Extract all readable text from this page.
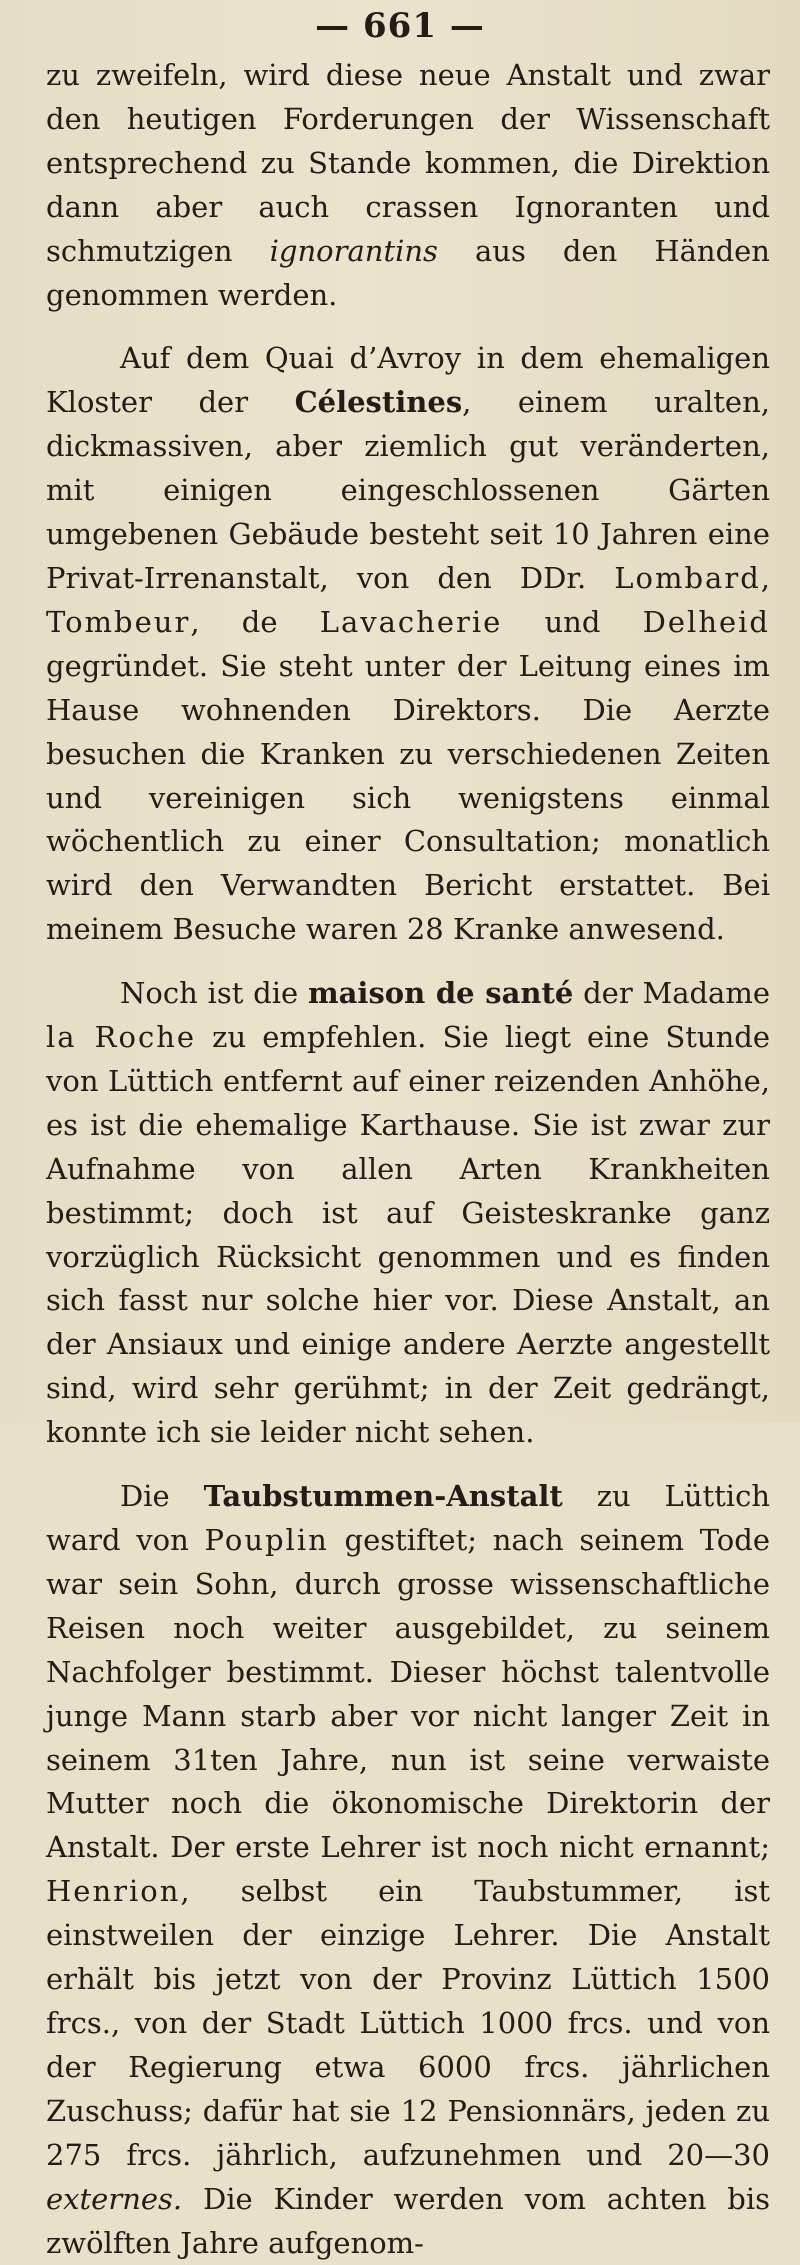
— 661 —

zu zweifeln, wird diese neue Anstalt und zwar den heutigen Forderungen der Wissenschaft entsprechend zu Stande kommen, die Direktion dann aber auch crassen Ignoranten und schmutzigen ignorantins aus den Händen genommen werden.

Auf dem Quai d’Avroy in dem ehemaligen Kloster der Célestines, einem uralten, dickmassiven, aber ziemlich gut veränderten, mit einigen eingeschlossenen Gärten umgebenen Gebäude besteht seit 10 Jahren eine Privat-Irrenanstalt, von den DDr. Lombard, Tombeur, de Lavacherie und Delheid gegründet. Sie steht unter der Leitung eines im Hause wohnenden Direktors. Die Aerzte besuchen die Kranken zu verschiedenen Zeiten und vereinigen sich wenigstens einmal wöchentlich zu einer Consultation; monatlich wird den Verwandten Bericht erstattet. Bei meinem Besuche waren 28 Kranke anwesend.

Noch ist die maison de santé der Madame la Roche zu empfehlen. Sie liegt eine Stunde von Lüttich entfernt auf einer reizenden Anhöhe, es ist die ehemalige Karthause. Sie ist zwar zur Aufnahme von allen Arten Krankheiten bestimmt; doch ist auf Geisteskranke ganz vorzüglich Rücksicht genommen und es finden sich fasst nur solche hier vor. Diese Anstalt, an der Ansiaux und einige andere Aerzte angestellt sind, wird sehr gerühmt; in der Zeit gedrängt, konnte ich sie leider nicht sehen.

Die Taubstummen-Anstalt zu Lüttich ward von Pouplin gestiftet; nach seinem Tode war sein Sohn, durch grosse wissenschaftliche Reisen noch weiter ausgebildet, zu seinem Nachfolger bestimmt. Dieser höchst talentvolle junge Mann starb aber vor nicht langer Zeit in seinem 31ten Jahre, nun ist seine verwaiste Mutter noch die ökonomische Direktorin der Anstalt. Der erste Lehrer ist noch nicht ernannt; Henrion, selbst ein Taubstummer, ist einstweilen der einzige Lehrer. Die Anstalt erhält bis jetzt von der Provinz Lüttich 1500 frcs., von der Stadt Lüttich 1000 frcs. und von der Regierung etwa 6000 frcs. jährlichen Zuschuss; dafür hat sie 12 Pensionnärs, jeden zu 275 frcs. jährlich, aufzunehmen und 20—30 externes. Die Kinder werden vom achten bis zwölften Jahre aufgenom-
